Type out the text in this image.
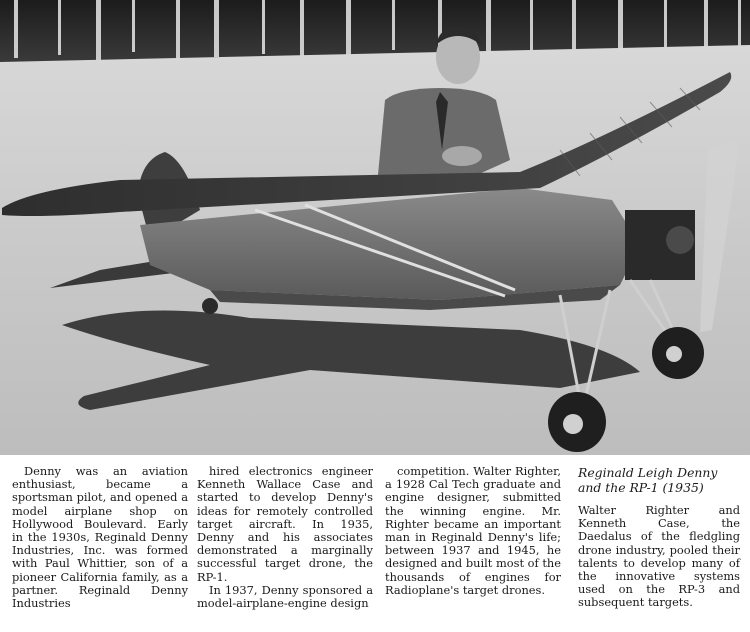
Denny was an aviation enthusiast, became a sportsman pilot, and opened a model airplane shop on Hollywood Boulevard. Early in the 1930s, Reginald Denny Industries, Inc. was formed with Paul Whittier, son of a pioneer California family, as a partner. Reginald Denny Industries

hired electronics engineer Kenneth Wallace Case and started to develop Denny's ideas for remotely controlled target aircraft. In 1935, Denny and his associates demonstrated a marginally successful target drone, the RP-1.

In 1937, Denny sponsored a model-airplane-engine design

competition. Walter Righter, a 1928 Cal Tech graduate and engine designer, submitted the winning engine. Mr. Righter became an important man in Reginald Denny's life; between 1937 and 1945, he designed and built most of the thousands of engines for Radioplane's target drones.

Reginald Leigh Denny and the RP-1 (1935)

Walter Righter and Kenneth Case, the Daedalus of the fledgling drone industry, pooled their talents to develop many of the innovative systems used on the RP-3 and subsequent targets.
